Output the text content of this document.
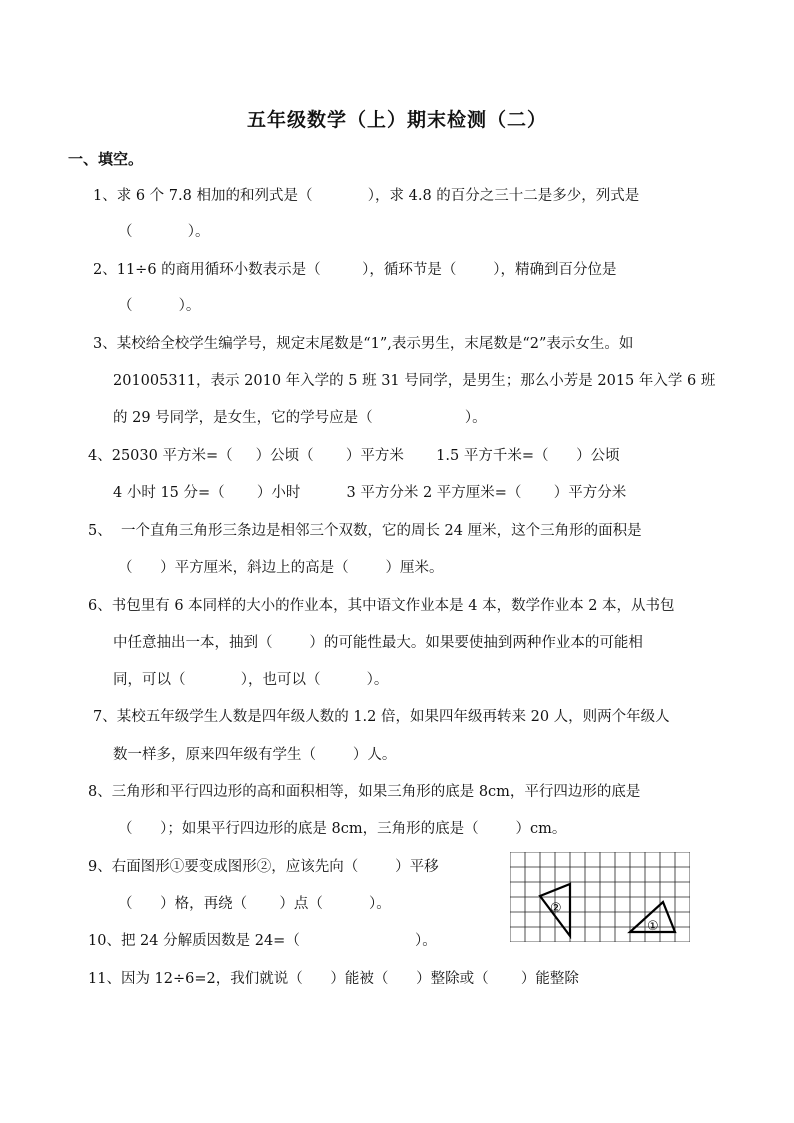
五年级数学（上）期末检测（二）
一、填空。
1、求 6 个 7.8 相加的和列式是（            ），求 4.8 的百分之三十二是多少，列式是
（            ）。
2、11÷6 的商用循环小数表示是（         ），循环节是（        ），精确到百分位是
（          ）。
3、某校给全校学生编学号，规定末尾数是“1”,表示男生，末尾数是“2”表示女生。如
201005311，表示 2010 年入学的 5 班 31 号同学，是男生；那么小芳是 2015 年入学 6 班
的 29 号同学，是女生，它的学号应是（                    ）。
4、25030 平方米=（     ）公顷（       ）平方米       1.5 平方千米=（      ）公顷
4 小时 15 分=（       ）小时          3 平方分米 2 平方厘米=（       ）平方分米
5、  一个直角三角形三条边是相邻三个双数，它的周长 24 厘米，这个三角形的面积是
（      ）平方厘米，斜边上的高是（        ）厘米。
6、书包里有 6 本同样的大小的作业本，其中语文作业本是 4 本，数学作业本 2 本，从书包
中任意抽出一本，抽到（        ）的可能性最大。如果要使抽到两种作业本的可能相
同，可以（            ），也可以（          ）。
7、某校五年级学生人数是四年级人数的 1.2 倍，如果四年级再转来 20 人，则两个年级人
数一样多，原来四年级有学生（        ）人。
8、三角形和平行四边形的高和面积相等，如果三角形的底是 8cm，平行四边形的底是
（      ）；如果平行四边形的底是 8cm，三角形的底是（        ）cm。
9、右面图形①要变成图形②，应该先向（        ）平移
（      ）格，再绕（       ）点（          ）。
10、把 24 分解质因数是 24=（                         ）。
11、因为 12÷6=2，我们就说（      ）能被（      ）整除或（       ）能整除
②
①
